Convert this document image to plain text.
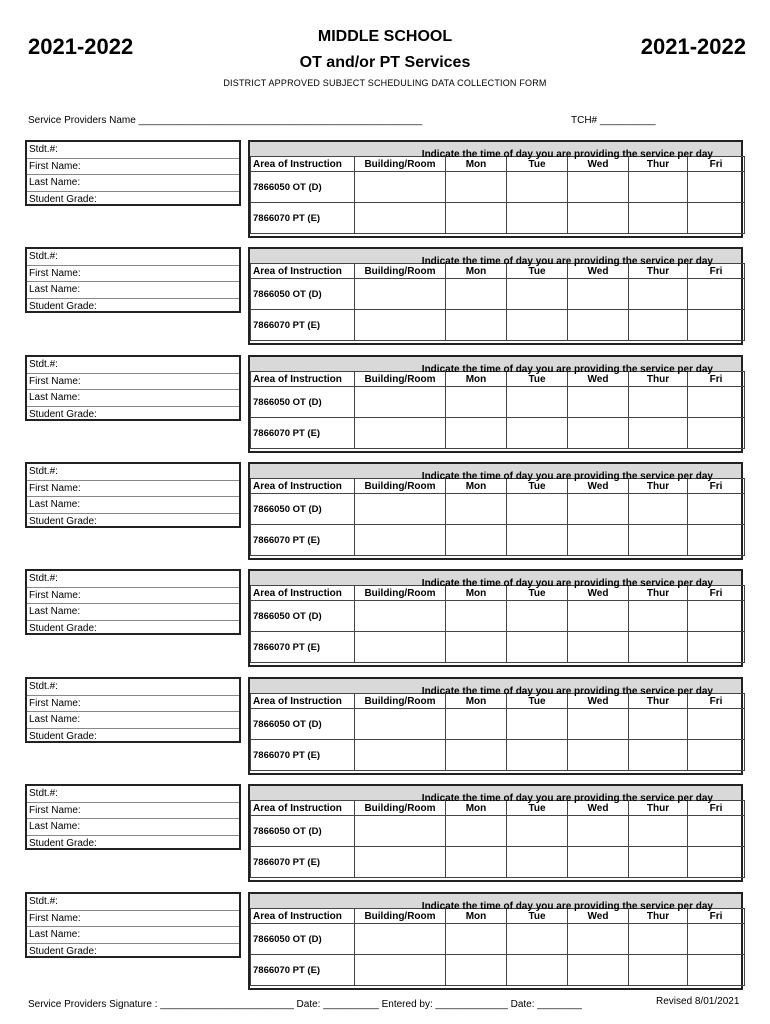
2021-2022	2021-2022
MIDDLE SCHOOL
OT and/or PT Services
DISTRICT APPROVED SUBJECT SCHEDULING DATA COLLECTION FORM
Service Providers Name ___________________________________________________	TCH# __________
Stdt.#:
First Name:
Last Name:
Student Grade:
Indicate the time of day you are providing the service per day
Area of Instruction	Building/Room	Mon	Tue	Wed	Thur	Fri
7866050 OT (D)						
7866070 PT (E)						
Stdt.#:
First Name:
Last Name:
Student Grade:
Indicate the time of day you are providing the service per day
Area of Instruction	Building/Room	Mon	Tue	Wed	Thur	Fri
7866050 OT (D)						
7866070 PT (E)						
Stdt.#:
First Name:
Last Name:
Student Grade:
Indicate the time of day you are providing the service per day
Area of Instruction	Building/Room	Mon	Tue	Wed	Thur	Fri
7866050 OT (D)						
7866070 PT (E)						
Stdt.#:
First Name:
Last Name:
Student Grade:
Indicate the time of day you are providing the service per day
Area of Instruction	Building/Room	Mon	Tue	Wed	Thur	Fri
7866050 OT (D)						
7866070 PT (E)						
Stdt.#:
First Name:
Last Name:
Student Grade:
Indicate the time of day you are providing the service per day
Area of Instruction	Building/Room	Mon	Tue	Wed	Thur	Fri
7866050 OT (D)						
7866070 PT (E)						
Stdt.#:
First Name:
Last Name:
Student Grade:
Indicate the time of day you are providing the service per day
Area of Instruction	Building/Room	Mon	Tue	Wed	Thur	Fri
7866050 OT (D)						
7866070 PT (E)						
Stdt.#:
First Name:
Last Name:
Student Grade:
Indicate the time of day you are providing the service per day
Area of Instruction	Building/Room	Mon	Tue	Wed	Thur	Fri
7866050 OT (D)						
7866070 PT (E)						
Stdt.#:
First Name:
Last Name:
Student Grade:
Indicate the time of day you are providing the service per day
Area of Instruction	Building/Room	Mon	Tue	Wed	Thur	Fri
7866050 OT (D)						
7866070 PT (E)						
Service Providers Signature : ________________________ Date: __________ Entered by: _____________ Date: ________	Revised 8/01/2021
